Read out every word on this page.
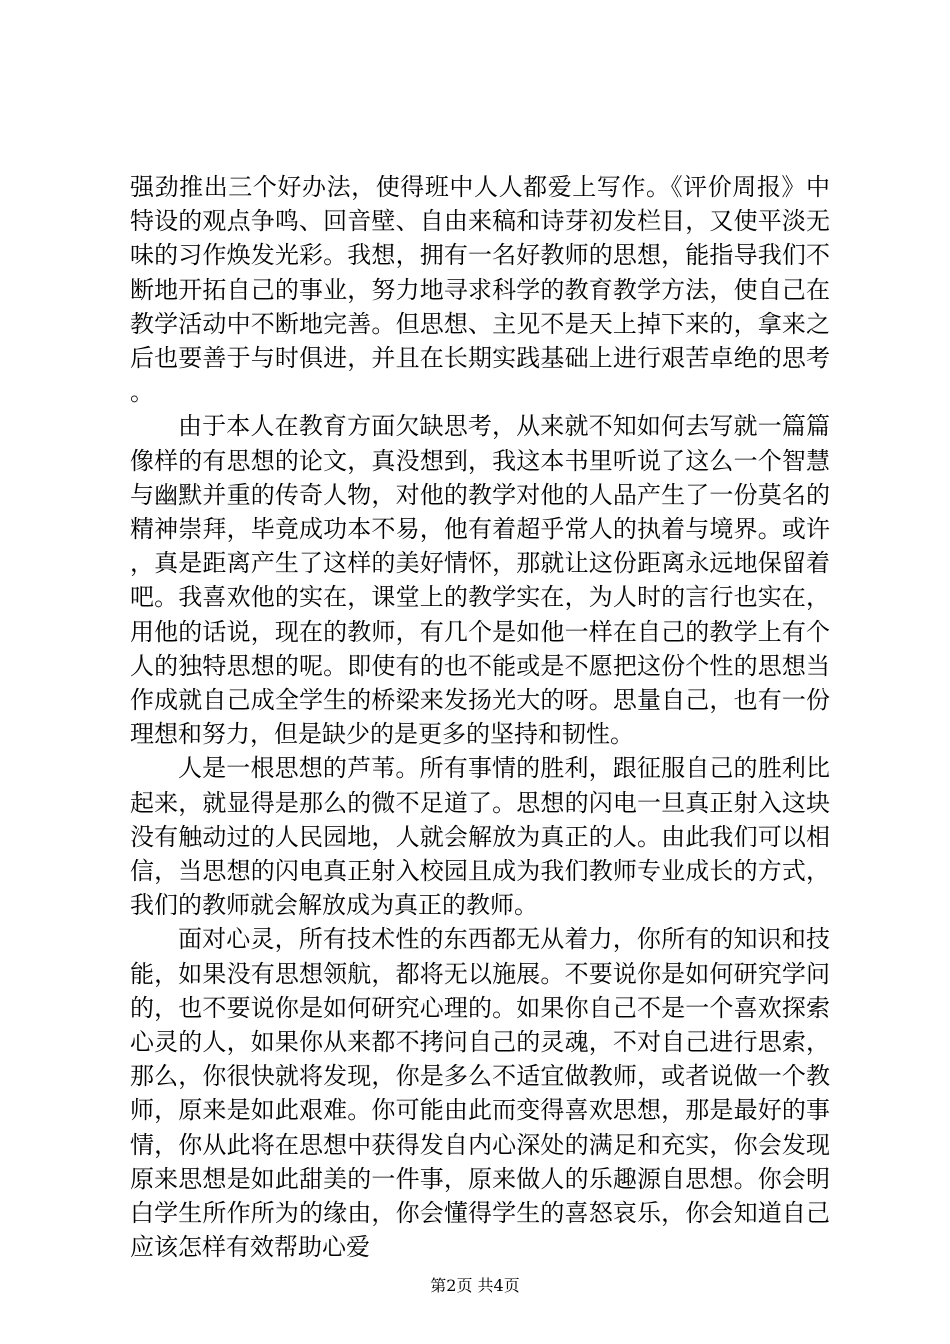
强劲推出三个好办法，使得班中人人都爱上写作。《评价周报》中特设的观点争鸣、回音壁、自由来稿和诗芽初发栏目，又使平淡无味的习作焕发光彩。我想，拥有一名好教师的思想，能指导我们不断地开拓自己的事业，努力地寻求科学的教育教学方法，使自己在教学活动中不断地完善。但思想、主见不是天上掉下来的，拿来之后也要善于与时俱进，并且在长期实践基础上进行艰苦卓绝的思考。

由于本人在教育方面欠缺思考，从来就不知如何去写就一篇篇像样的有思想的论文，真没想到，我这本书里听说了这么一个智慧与幽默并重的传奇人物，对他的教学对他的人品产生了一份莫名的精神崇拜，毕竟成功本不易，他有着超乎常人的执着与境界。或许，真是距离产生了这样的美好情怀，那就让这份距离永远地保留着吧。我喜欢他的实在，课堂上的教学实在，为人时的言行也实在，用他的话说，现在的教师，有几个是如他一样在自己的教学上有个人的独特思想的呢。即使有的也不能或是不愿把这份个性的思想当作成就自己成全学生的桥梁来发扬光大的呀。思量自己，也有一份理想和努力，但是缺少的是更多的坚持和韧性。

人是一根思想的芦苇。所有事情的胜利，跟征服自己的胜利比起来，就显得是那么的微不足道了。思想的闪电一旦真正射入这块没有触动过的人民园地，人就会解放为真正的人。由此我们可以相信，当思想的闪电真正射入校园且成为我们教师专业成长的方式，我们的教师就会解放成为真正的教师。

面对心灵，所有技术性的东西都无从着力，你所有的知识和技能，如果没有思想领航，都将无以施展。不要说你是如何研究学问的，也不要说你是如何研究心理的。如果你自己不是一个喜欢探索心灵的人，如果你从来都不拷问自己的灵魂，不对自己进行思索，那么，你很快就将发现，你是多么不适宜做教师，或者说做一个教师，原来是如此艰难。你可能由此而变得喜欢思想，那是最好的事情，你从此将在思想中获得发自内心深处的满足和充实，你会发现原来思想是如此甜美的一件事，原来做人的乐趣源自思想。你会明白学生所作所为的缘由，你会懂得学生的喜怒哀乐，你会知道自己应该怎样有效帮助心爱

第2页 共4页
